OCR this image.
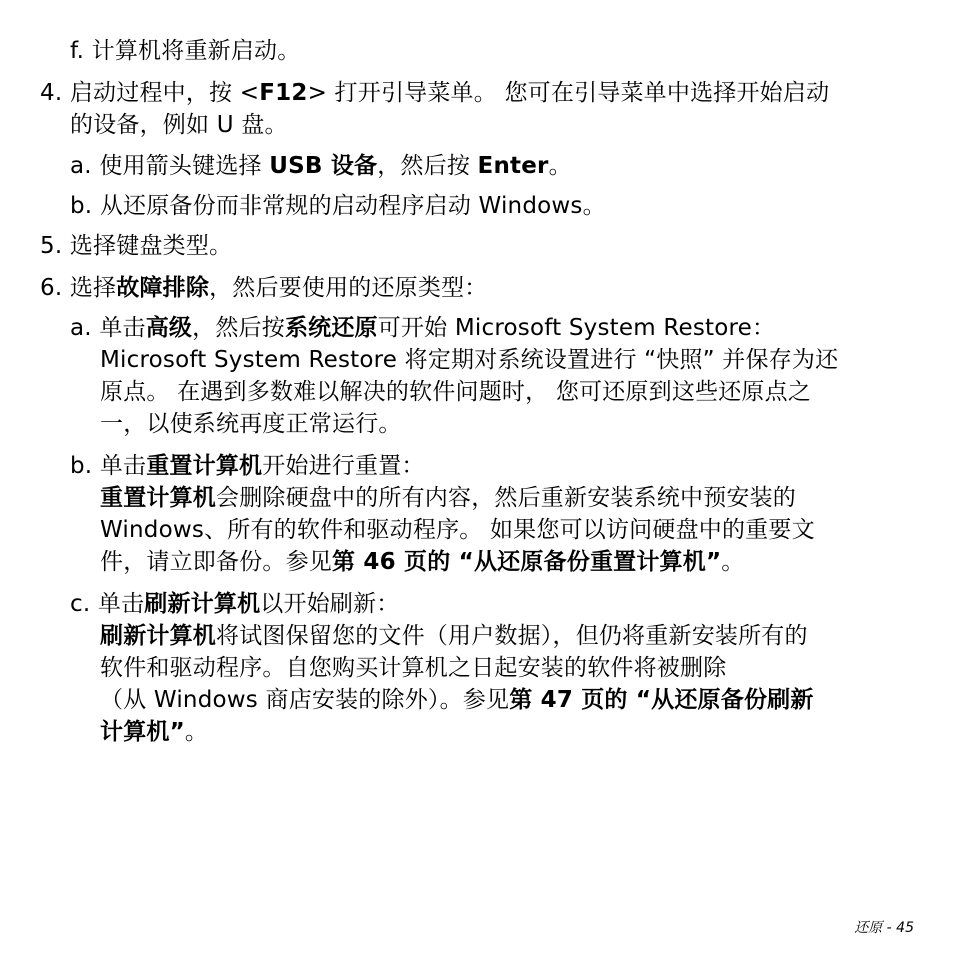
f. 计算机将重新启动。
4. 启动过程中，按 <F12> 打开引导菜单。 您可在引导菜单中选择开始启动
的设备，例如 U 盘。
a. 使用箭头键选择 USB 设备，然后按 Enter。
b. 从还原备份而非常规的启动程序启动 Windows。
5. 选择键盘类型。
6. 选择故障排除，然后要使用的还原类型：
a. 单击高级，然后按系统还原可开始 Microsoft System Restore：
Microsoft System Restore 将定期对系统设置进行 “快照” 并保存为还
原点。 在遇到多数难以解决的软件问题时， 您可还原到这些还原点之
一，以使系统再度正常运行。
b. 单击重置计算机开始进行重置：
重置计算机会删除硬盘中的所有内容，然后重新安装系统中预安装的
Windows、所有的软件和驱动程序。 如果您可以访问硬盘中的重要文
件，请立即备份。参见第 46 页的 “从还原备份重置计算机”。
c. 单击刷新计算机以开始刷新：
刷新计算机将试图保留您的文件（用户数据），但仍将重新安装所有的
软件和驱动程序。自您购买计算机之日起安装的软件将被删除
（从 Windows 商店安装的除外）。参见第 47 页的 “从还原备份刷新
计算机”。
还原 - 45
